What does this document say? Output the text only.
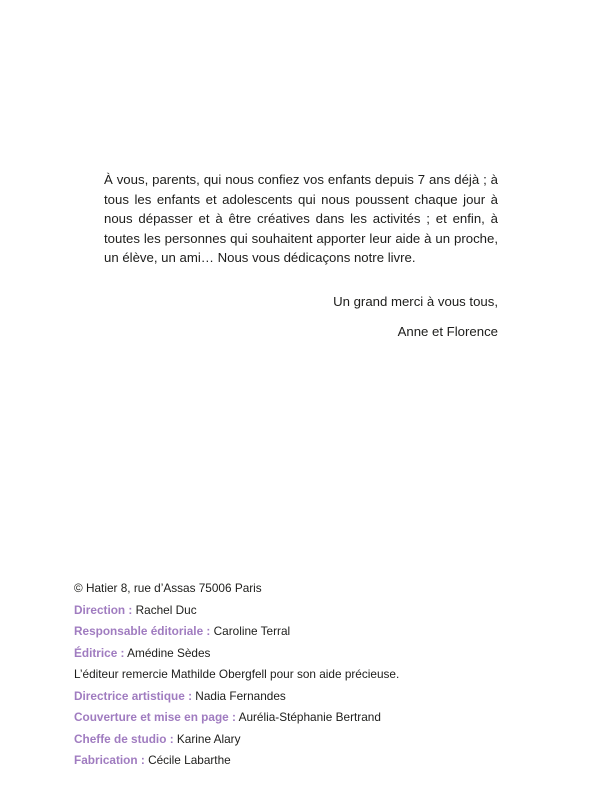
À vous, parents, qui nous confiez vos enfants depuis 7 ans déjà ; à tous les enfants et adolescents qui nous poussent chaque jour à nous dépasser et à être créatives dans les activités ; et enfin, à toutes les personnes qui souhaitent apporter leur aide à un proche, un élève, un ami… Nous vous dédicaçons notre livre.

Un grand merci à vous tous,

Anne et Florence

© Hatier 8, rue d’Assas 75006 Paris
Direction : Rachel Duc
Responsable éditoriale : Caroline Terral
Éditrice : Amédine Sèdes
L’éditeur remercie Mathilde Obergfell pour son aide précieuse.
Directrice artistique : Nadia Fernandes
Couverture et mise en page : Aurélia-Stéphanie Bertrand
Cheffe de studio : Karine Alary
Fabrication : Cécile Labarthe
